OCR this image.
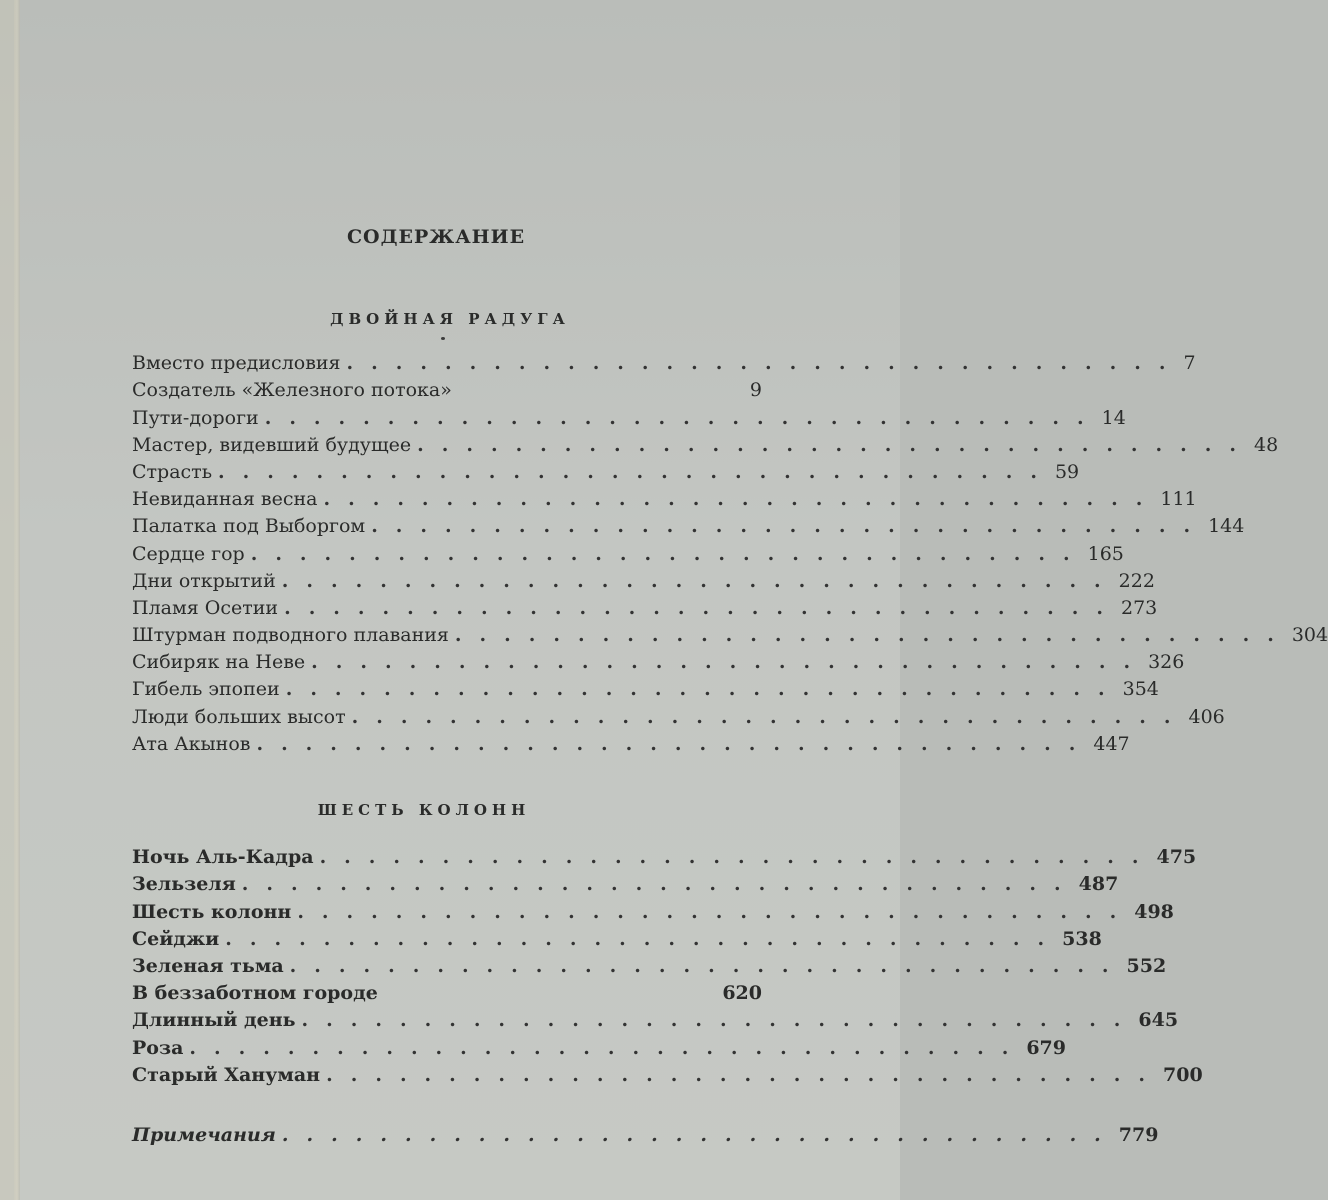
СОДЕРЖАНИЕ
ДВОЙНАЯ РАДУГА
Вместо предисловия .................................. 7
Создатель «Железного потока»	9
Пути-дороги .................................. 14
Мастер, видевший будущее .................................. 48
Страсть .................................. 59
Невиданная весна .................................. 111
Палатка под Выборгом .................................. 144
Сердце гор .................................. 165
Дни открытий .................................. 222
Пламя Осетии .................................. 273
Штурман подводного плавания .................................. 304
Сибиряк на Неве .................................. 326
Гибель эпопеи .................................. 354
Люди больших высот .................................. 406
Ата Акынов .................................. 447
ШЕСТЬ КОЛОНН
Ночь Аль-Кадра .................................. 475
Зельзеля .................................. 487
Шесть колонн .................................. 498
Сейджи .................................. 538
Зеленая тьма .................................. 552
В беззаботном городе	620
Длинный день .................................. 645
Роза .................................. 679
Старый Хануман .................................. 700
Примечания .................................. 779
